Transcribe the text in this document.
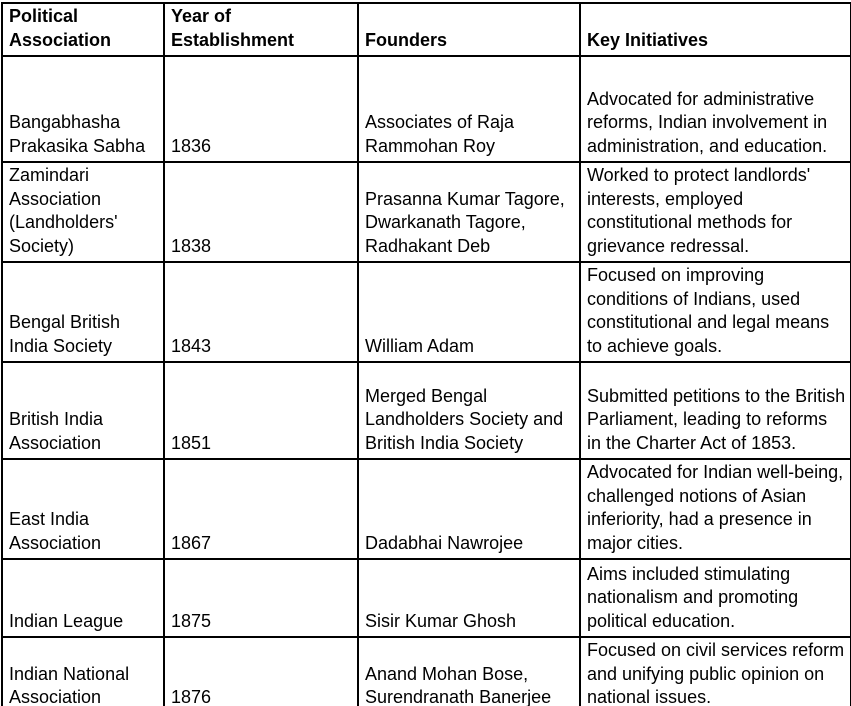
Political Association	Year of Establishment	Founders	Key Initiatives
Bangabhasha Prakasika Sabha	1836	Associates of Raja Rammohan Roy	Advocated for administrative reforms, Indian involvement in administration, and education.
Zamindari Association (Landholders' Society)	1838	Prasanna Kumar Tagore, Dwarkanath Tagore, Radhakant Deb	Worked to protect landlords' interests, employed constitutional methods for grievance redressal.
Bengal British India Society	1843	William Adam	Focused on improving conditions of Indians, used constitutional and legal means to achieve goals.
British India Association	1851	Merged Bengal Landholders Society and British India Society	Submitted petitions to the British Parliament, leading to reforms in the Charter Act of 1853.
East India Association	1867	Dadabhai Nawrojee	Advocated for Indian well-being, challenged notions of Asian inferiority, had a presence in major cities.
Indian League	1875	Sisir Kumar Ghosh	Aims included stimulating nationalism and promoting political education.
Indian National Association	1876	Anand Mohan Bose, Surendranath Banerjee	Focused on civil services reform and unifying public opinion on national issues.
